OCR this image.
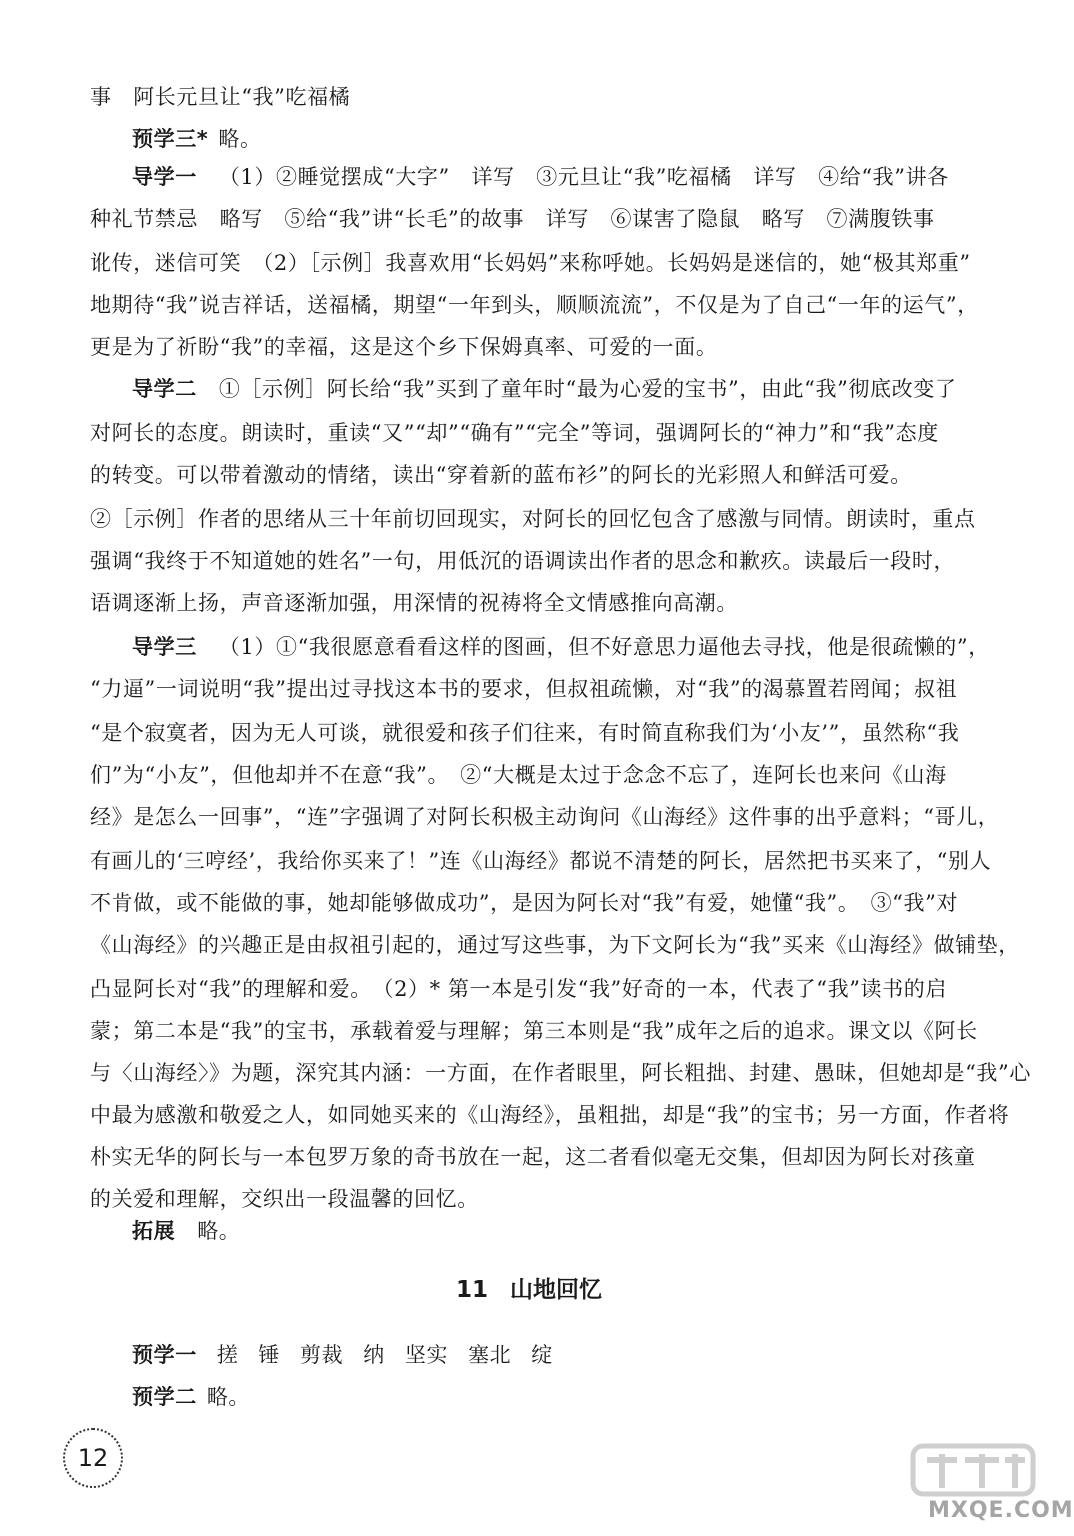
事　阿长元旦让“我”吃福橘
预学三* 略。
导学一 （1）②睡觉摆成“大字”　详写　③元旦让“我”吃福橘　详写　④给“我”讲各
种礼节禁忌　略写　⑤给“我”讲“长毛”的故事　详写　⑥谋害了隐鼠　略写　⑦满腹铁事
讹传，迷信可笑　（2）［示例］我喜欢用“长妈妈”来称呼她。长妈妈是迷信的，她“极其郑重”
地期待“我”说吉祥话，送福橘，期望“一年到头，顺顺流流”，不仅是为了自己“一年的运气”，
更是为了祈盼“我”的幸福，这是这个乡下保姆真率、可爱的一面。
导学二 ①［示例］阿长给“我”买到了童年时“最为心爱的宝书”，由此“我”彻底改变了
对阿长的态度。朗读时，重读“又”“却”“确有”“完全”等词，强调阿长的“神力”和“我”态度
的转变。可以带着激动的情绪，读出“穿着新的蓝布衫”的阿长的光彩照人和鲜活可爱。
②［示例］作者的思绪从三十年前切回现实，对阿长的回忆包含了感激与同情。朗读时，重点
强调“我终于不知道她的姓名”一句，用低沉的语调读出作者的思念和歉疚。读最后一段时，
语调逐渐上扬，声音逐渐加强，用深情的祝祷将全文情感推向高潮。
导学三 （1）①“我很愿意看看这样的图画，但不好意思力逼他去寻找，他是很疏懒的”，
“力逼”一词说明“我”提出过寻找这本书的要求，但叔祖疏懒，对“我”的渴慕置若罔闻；叔祖
“是个寂寞者，因为无人可谈，就很爱和孩子们往来，有时简直称我们为‘小友’”，虽然称“我
们”为“小友”，但他却并不在意“我”。　②“大概是太过于念念不忘了，连阿长也来问《山海
经》是怎么一回事”，“连”字强调了对阿长积极主动询问《山海经》这件事的出乎意料；“哥儿，
有画儿的‘三哼经’，我给你买来了！”连《山海经》都说不清楚的阿长，居然把书买来了，“别人
不肯做，或不能做的事，她却能够做成功”，是因为阿长对“我”有爱，她懂“我”。　③“我”对
《山海经》的兴趣正是由叔祖引起的，通过写这些事，为下文阿长为“我”买来《山海经》做铺垫，
凸显阿长对“我”的理解和爱。　（2）* 第一本是引发“我”好奇的一本，代表了“我”读书的启
蒙；第二本是“我”的宝书，承载着爱与理解；第三本则是“我”成年之后的追求。课文以《阿长
与〈山海经〉》为题，深究其内涵：一方面，在作者眼里，阿长粗拙、封建、愚昧，但她却是“我”心
中最为感激和敬爱之人，如同她买来的《山海经》，虽粗拙，却是“我”的宝书；另一方面，作者将
朴实无华的阿长与一本包罗万象的奇书放在一起，这二者看似毫无交集，但却因为阿长对孩童
的关爱和理解，交织出一段温馨的回忆。
拓展 略。
11 山地回忆
预学一 搓 锤 剪裁 纳 坚实 塞北 绽
预学二 略。
12
MXQE.COM
